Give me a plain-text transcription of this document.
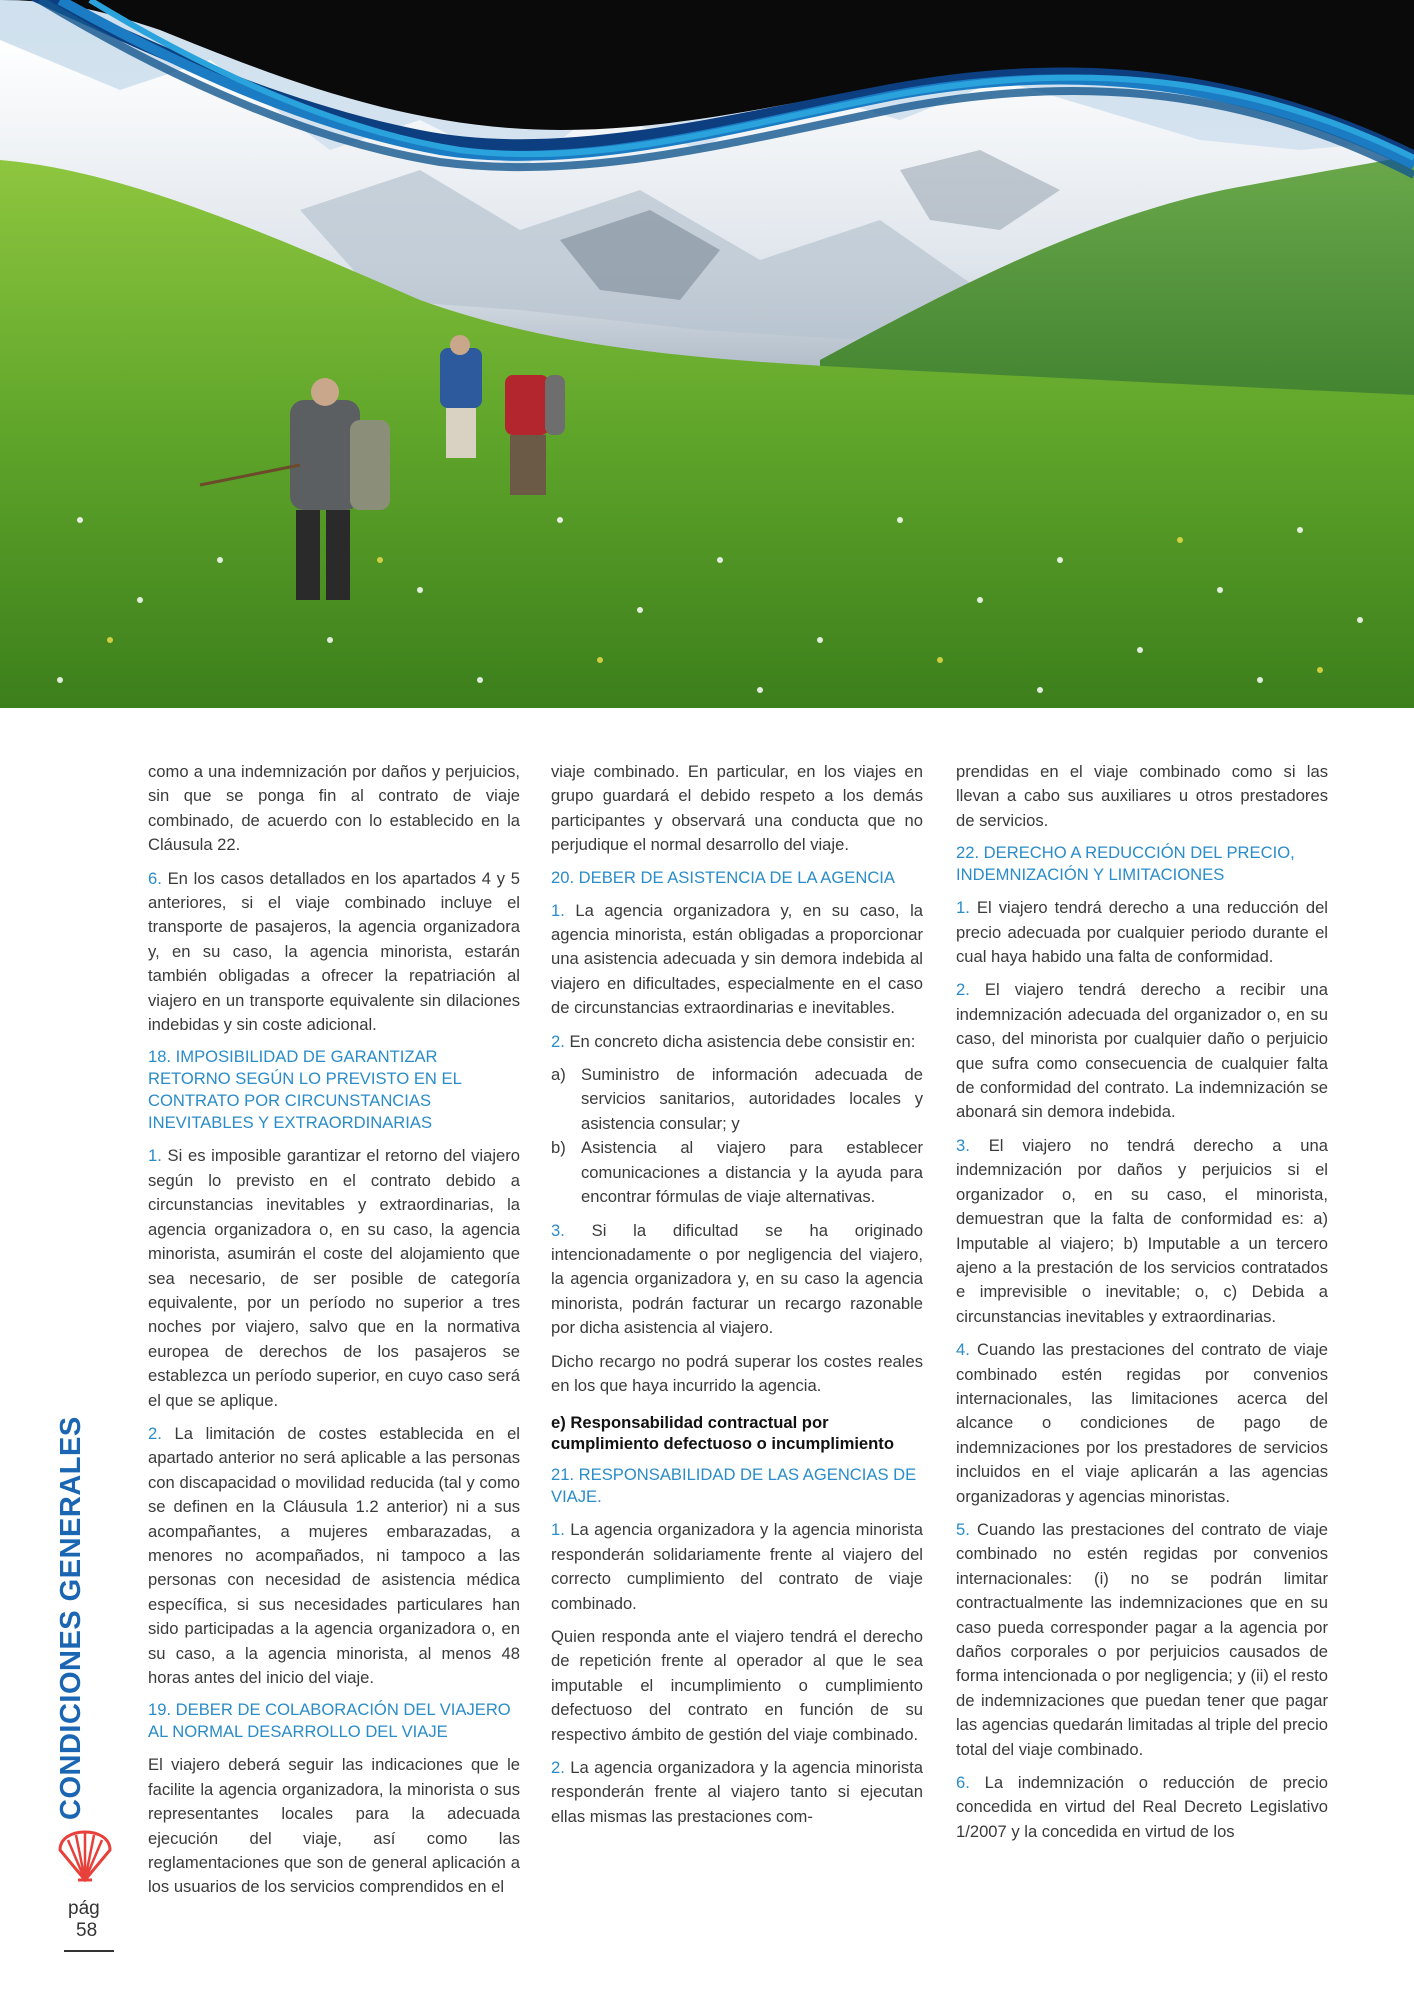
como a una indemnización por daños y perjuicios, sin que se ponga fin al contrato de viaje combinado, de acuerdo con lo establecido en la Cláusula 22.

6. En los casos detallados en los apartados 4 y 5 anteriores, si el viaje combinado incluye el transporte de pasajeros, la agencia organizadora y, en su caso, la agencia minorista, estarán también obligadas a ofrecer la repatriación al viajero en un transporte equivalente sin dilaciones indebidas y sin coste adicional.

18. IMPOSIBILIDAD DE GARANTIZAR RETORNO SEGÚN LO PREVISTO EN EL CONTRATO POR CIRCUNSTANCIAS INEVITABLES Y EXTRAORDINARIAS

1. Si es imposible garantizar el retorno del viajero según lo previsto en el contrato debido a circunstancias inevitables y extraordinarias, la agencia organizadora o, en su caso, la agencia minorista, asumirán el coste del alojamiento que sea necesario, de ser posible de categoría equivalente, por un período no superior a tres noches por viajero, salvo que en la normativa europea de derechos de los pasajeros se establezca un período superior, en cuyo caso será el que se aplique.

2. La limitación de costes establecida en el apartado anterior no será aplicable a las personas con discapacidad o movilidad reducida (tal y como se definen en la Cláusula 1.2 anterior) ni a sus acompañantes, a mujeres embarazadas, a menores no acompañados, ni tampoco a las personas con necesidad de asistencia médica específica, si sus necesidades particulares han sido participadas a la agencia organizadora o, en su caso, a la agencia minorista, al menos 48 horas antes del inicio del viaje.

19. DEBER DE COLABORACIÓN DEL VIAJERO AL NORMAL DESARROLLO DEL VIAJE

El viajero deberá seguir las indicaciones que le facilite la agencia organizadora, la minorista o sus representantes locales para la adecuada ejecución del viaje, así como las reglamentaciones que son de general aplicación a los usuarios de los servicios comprendidos en el

viaje combinado. En particular, en los viajes en grupo guardará el debido respeto a los demás participantes y observará una conducta que no perjudique el normal desarrollo del viaje.

20. DEBER DE ASISTENCIA DE LA AGENCIA

1. La agencia organizadora y, en su caso, la agencia minorista, están obligadas a proporcionar una asistencia adecuada y sin demora indebida al viajero en dificultades, especialmente en el caso de circunstancias extraordinarias e inevitables.

2. En concreto dicha asistencia debe consistir en:

a) Suministro de información adecuada de servicios sanitarios, autoridades locales y asistencia consular; y
b) Asistencia al viajero para establecer comunicaciones a distancia y la ayuda para encontrar fórmulas de viaje alternativas.

3. Si la dificultad se ha originado intencionadamente o por negligencia del viajero, la agencia organizadora y, en su caso la agencia minorista, podrán facturar un recargo razonable por dicha asistencia al viajero.

Dicho recargo no podrá superar los costes reales en los que haya incurrido la agencia.

e) Responsabilidad contractual por cumplimiento defectuoso o incumplimiento
21. RESPONSABILIDAD DE LAS AGENCIAS DE VIAJE.

1. La agencia organizadora y la agencia minorista responderán solidariamente frente al viajero del correcto cumplimiento del contrato de viaje combinado.

Quien responda ante el viajero tendrá el derecho de repetición frente al operador al que le sea imputable el incumplimiento o cumplimiento defectuoso del contrato en función de su respectivo ámbito de gestión del viaje combinado.

2. La agencia organizadora y la agencia minorista responderán frente al viajero tanto si ejecutan ellas mismas las prestaciones com-

prendidas en el viaje combinado como si las llevan a cabo sus auxiliares u otros prestadores de servicios.

22. DERECHO A REDUCCIÓN DEL PRECIO, INDEMNIZACIÓN Y LIMITACIONES

1. El viajero tendrá derecho a una reducción del precio adecuada por cualquier periodo durante el cual haya habido una falta de conformidad.

2. El viajero tendrá derecho a recibir una indemnización adecuada del organizador o, en su caso, del minorista por cualquier daño o perjuicio que sufra como consecuencia de cualquier falta de conformidad del contrato. La indemnización se abonará sin demora indebida.

3. El viajero no tendrá derecho a una indemnización por daños y perjuicios si el organizador o, en su caso, el minorista, demuestran que la falta de conformidad es: a) Imputable al viajero; b) Imputable a un tercero ajeno a la prestación de los servicios contratados e imprevisible o inevitable; o, c) Debida a circunstancias inevitables y extraordinarias.

4. Cuando las prestaciones del contrato de viaje combinado estén regidas por convenios internacionales, las limitaciones acerca del alcance o condiciones de pago de indemnizaciones por los prestadores de servicios incluidos en el viaje aplicarán a las agencias organizadoras y agencias minoristas.

5. Cuando las prestaciones del contrato de viaje combinado no estén regidas por convenios internacionales: (i) no se podrán limitar contractualmente las indemnizaciones que en su caso pueda corresponder pagar a la agencia por daños corporales o por perjuicios causados de forma intencionada o por negligencia; y (ii) el resto de indemnizaciones que puedan tener que pagar las agencias quedarán limitadas al triple del precio total del viaje combinado.

6. La indemnización o reducción de precio concedida en virtud del Real Decreto Legislativo 1/2007 y la concedida en virtud de los

CONDICIONES GENERALES
pág
58
